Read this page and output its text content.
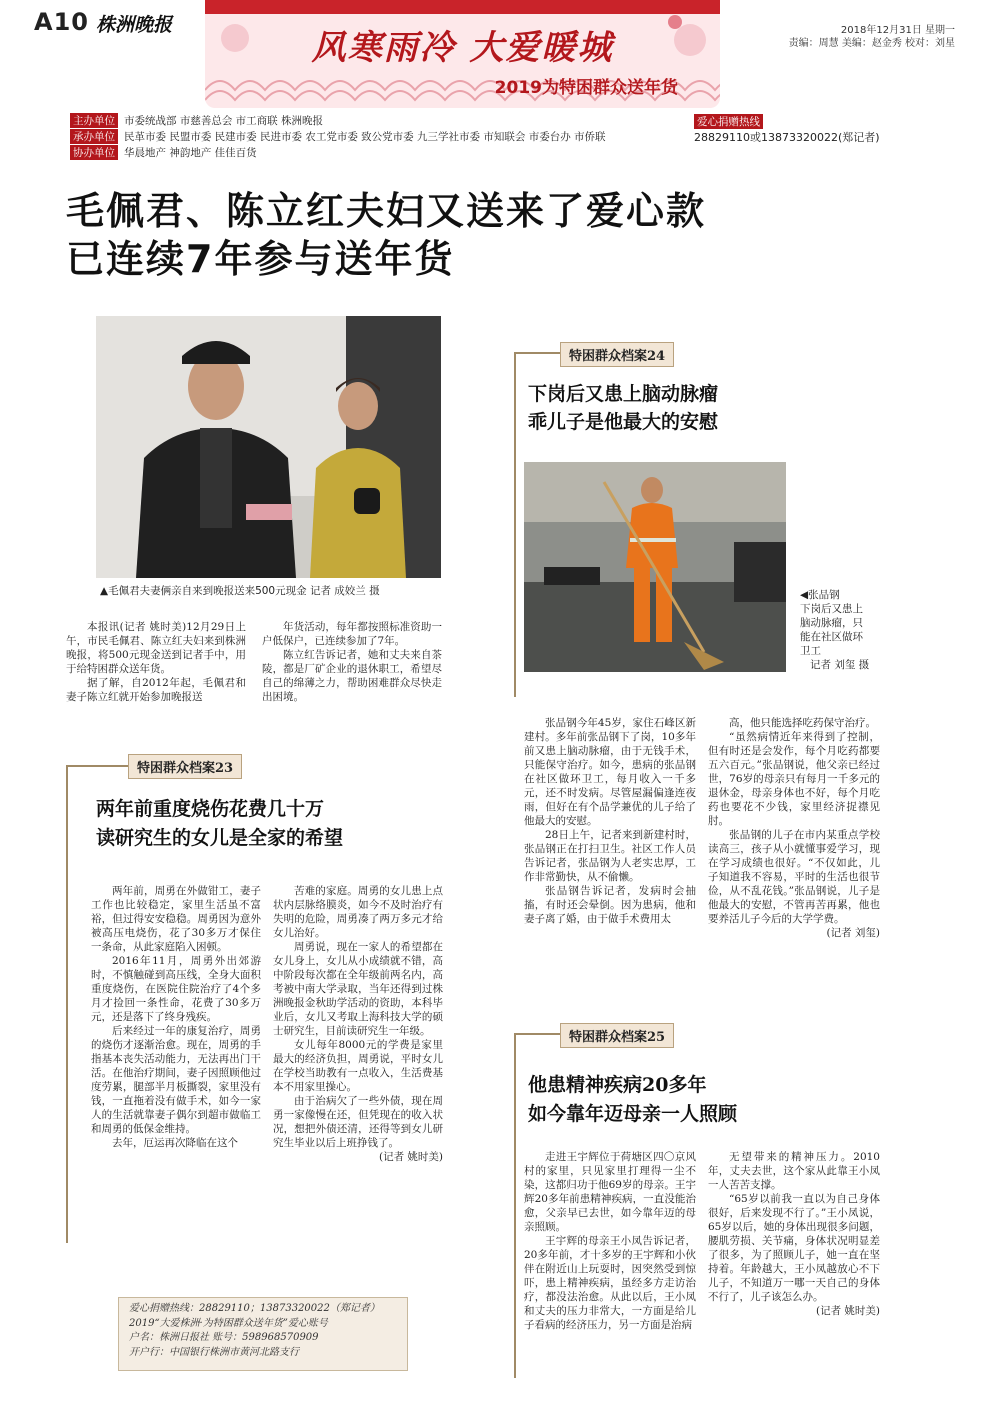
A10 株洲晚报
风寒雨冷 大爱暖城
2019为特困群众送年货
2018年12月31日 星期一
责编：周慧 美编：赵金秀 校对：刘星
主办单位 市委统战部 市慈善总会 市工商联 株洲晚报
承办单位 民革市委 民盟市委 民建市委 民进市委 农工党市委 致公党市委 九三学社市委 市知联会 市委台办 市侨联
协办单位 华晨地产 神韵地产 佳佳百货
爱心捐赠热线
28829110或13873320022(郑记者)
毛佩君、陈立红夫妇又送来了爱心款
已连续7年参与送年货
▲毛佩君夫妻俩亲自来到晚报送来500元现金 记者 成姣兰 摄

本报讯(记者 姚时美)12月29日上午，市民毛佩君、陈立红夫妇来到株洲晚报，将500元现金送到记者手中，用于给特困群众送年货。

据了解，自2012年起，毛佩君和妻子陈立红就开始参加晚报送

年货活动，每年都按照标准资助一户低保户，已连续参加了7年。

陈立红告诉记者，她和丈夫来自茶陵，都是厂矿企业的退休职工，希望尽自己的绵薄之力，帮助困难群众尽快走出困境。

特困群众档案23
两年前重度烧伤花费几十万
读研究生的女儿是全家的希望

两年前，周勇在外做钳工，妻子工作也比较稳定，家里生活虽不富裕，但过得安安稳稳。周勇因为意外被高压电烧伤，花了30多万才保住一条命，从此家庭陷入困顿。

2016年11月，周勇外出郊游时，不慎触碰到高压线，全身大面积重度烧伤，在医院住院治疗了4个多月才捡回一条性命，花费了30多万元，还是落下了终身残疾。

后来经过一年的康复治疗，周勇的烧伤才逐渐治愈。现在，周勇的手指基本丧失活动能力，无法再出门干活。在他治疗期间，妻子因照顾他过度劳累，腿部半月板撕裂，家里没有钱，一直拖着没有做手术，如今一家人的生活就靠妻子偶尔到超市做临工和周勇的低保金维持。

去年，厄运再次降临在这个

苦难的家庭。周勇的女儿患上点状内层脉络膜炎，如今不及时治疗有失明的危险，周勇凑了两万多元才给女儿治好。

周勇说，现在一家人的希望都在女儿身上，女儿从小成绩就不错，高中阶段每次都在全年级前两名内，高考被中南大学录取，当年还得到过株洲晚报金秋助学活动的资助，本科毕业后，女儿又考取上海科技大学的硕士研究生，目前读研究生一年级。

女儿每年8000元的学费是家里最大的经济负担，周勇说，平时女儿在学校当助教有一点收入，生活费基本不用家里操心。

由于治病欠了一些外债，现在周勇一家像慢在还，但凭现在的收入状况，想把外债还清，还得等到女儿研究生毕业以后上班挣钱了。

(记者 姚时美)
特困群众档案24
下岗后又患上脑动脉瘤
乖儿子是他最大的安慰
◀张品钢
下岗后又患上
脑动脉瘤，只
能在社区做环
卫工
记者 刘玺 摄

张品钢今年45岁，家住石峰区新建村。多年前张品钢下了岗，10多年前又患上脑动脉瘤，由于无钱手术，只能保守治疗。如今，患病的张品钢在社区做环卫工，每月收入一千多元，还不时发病。尽管屋漏偏逢连夜雨，但好在有个品学兼优的儿子给了他最大的安慰。

28日上午，记者来到新建村时，张品钢正在打扫卫生。社区工作人员告诉记者，张品钢为人老实忠厚，工作非常勤快，从不偷懒。

张品钢告诉记者，发病时会抽搐，有时还会晕倒。因为患病，他和妻子离了婚，由于做手术费用太

高，他只能选择吃药保守治疗。

“虽然病情近年来得到了控制，但有时还是会发作，每个月吃药都要五六百元。”张品钢说，他父亲已经过世，76岁的母亲只有每月一千多元的退休金，母亲身体也不好，每个月吃药也要花不少钱，家里经济捉襟见肘。

张品钢的儿子在市内某重点学校读高三，孩子从小就懂事爱学习，现在学习成绩也很好。“不仅如此，儿子知道我不容易，平时的生活也很节俭，从不乱花钱。”张品钢说，儿子是他最大的安慰，不管再苦再累，他也要养活儿子今后的大学学费。

(记者 刘玺)
特困群众档案25
他患精神疾病20多年
如今靠年迈母亲一人照顾

走进王宇辉位于荷塘区四〇京风村的家里，只见家里打理得一尘不染，这都归功于他69岁的母亲。王宇辉20多年前患精神疾病，一直没能治愈，父亲早已去世，如今靠年迈的母亲照顾。

王宇辉的母亲王小凤告诉记者，20多年前，才十多岁的王宇辉和小伙伴在附近山上玩耍时，因突然受到惊吓，患上精神疾病，虽经多方走访治疗，都没法治愈。从此以后，王小凤和丈夫的压力非常大，一方面是给儿子看病的经济压力，另一方面是治病

无望带来的精神压力。2010年，丈夫去世，这个家从此靠王小凤一人苦苦支撑。

“65岁以前我一直以为自己身体很好，后来发现不行了。”王小凤说，65岁以后，她的身体出现很多问题，腰肌劳损、关节痛，身体状况明显差了很多，为了照顾儿子，她一直在坚持着。年龄越大，王小凤越放心不下儿子，不知道万一哪一天自己的身体不行了，儿子该怎么办。

(记者 姚时美)
爱心捐赠热线：28829110；13873320022（郑记者）
2019“大爱株洲·为特困群众送年货”爱心账号
户名：株洲日报社 账号：598968570909
开户行：中国银行株洲市黄河北路支行
